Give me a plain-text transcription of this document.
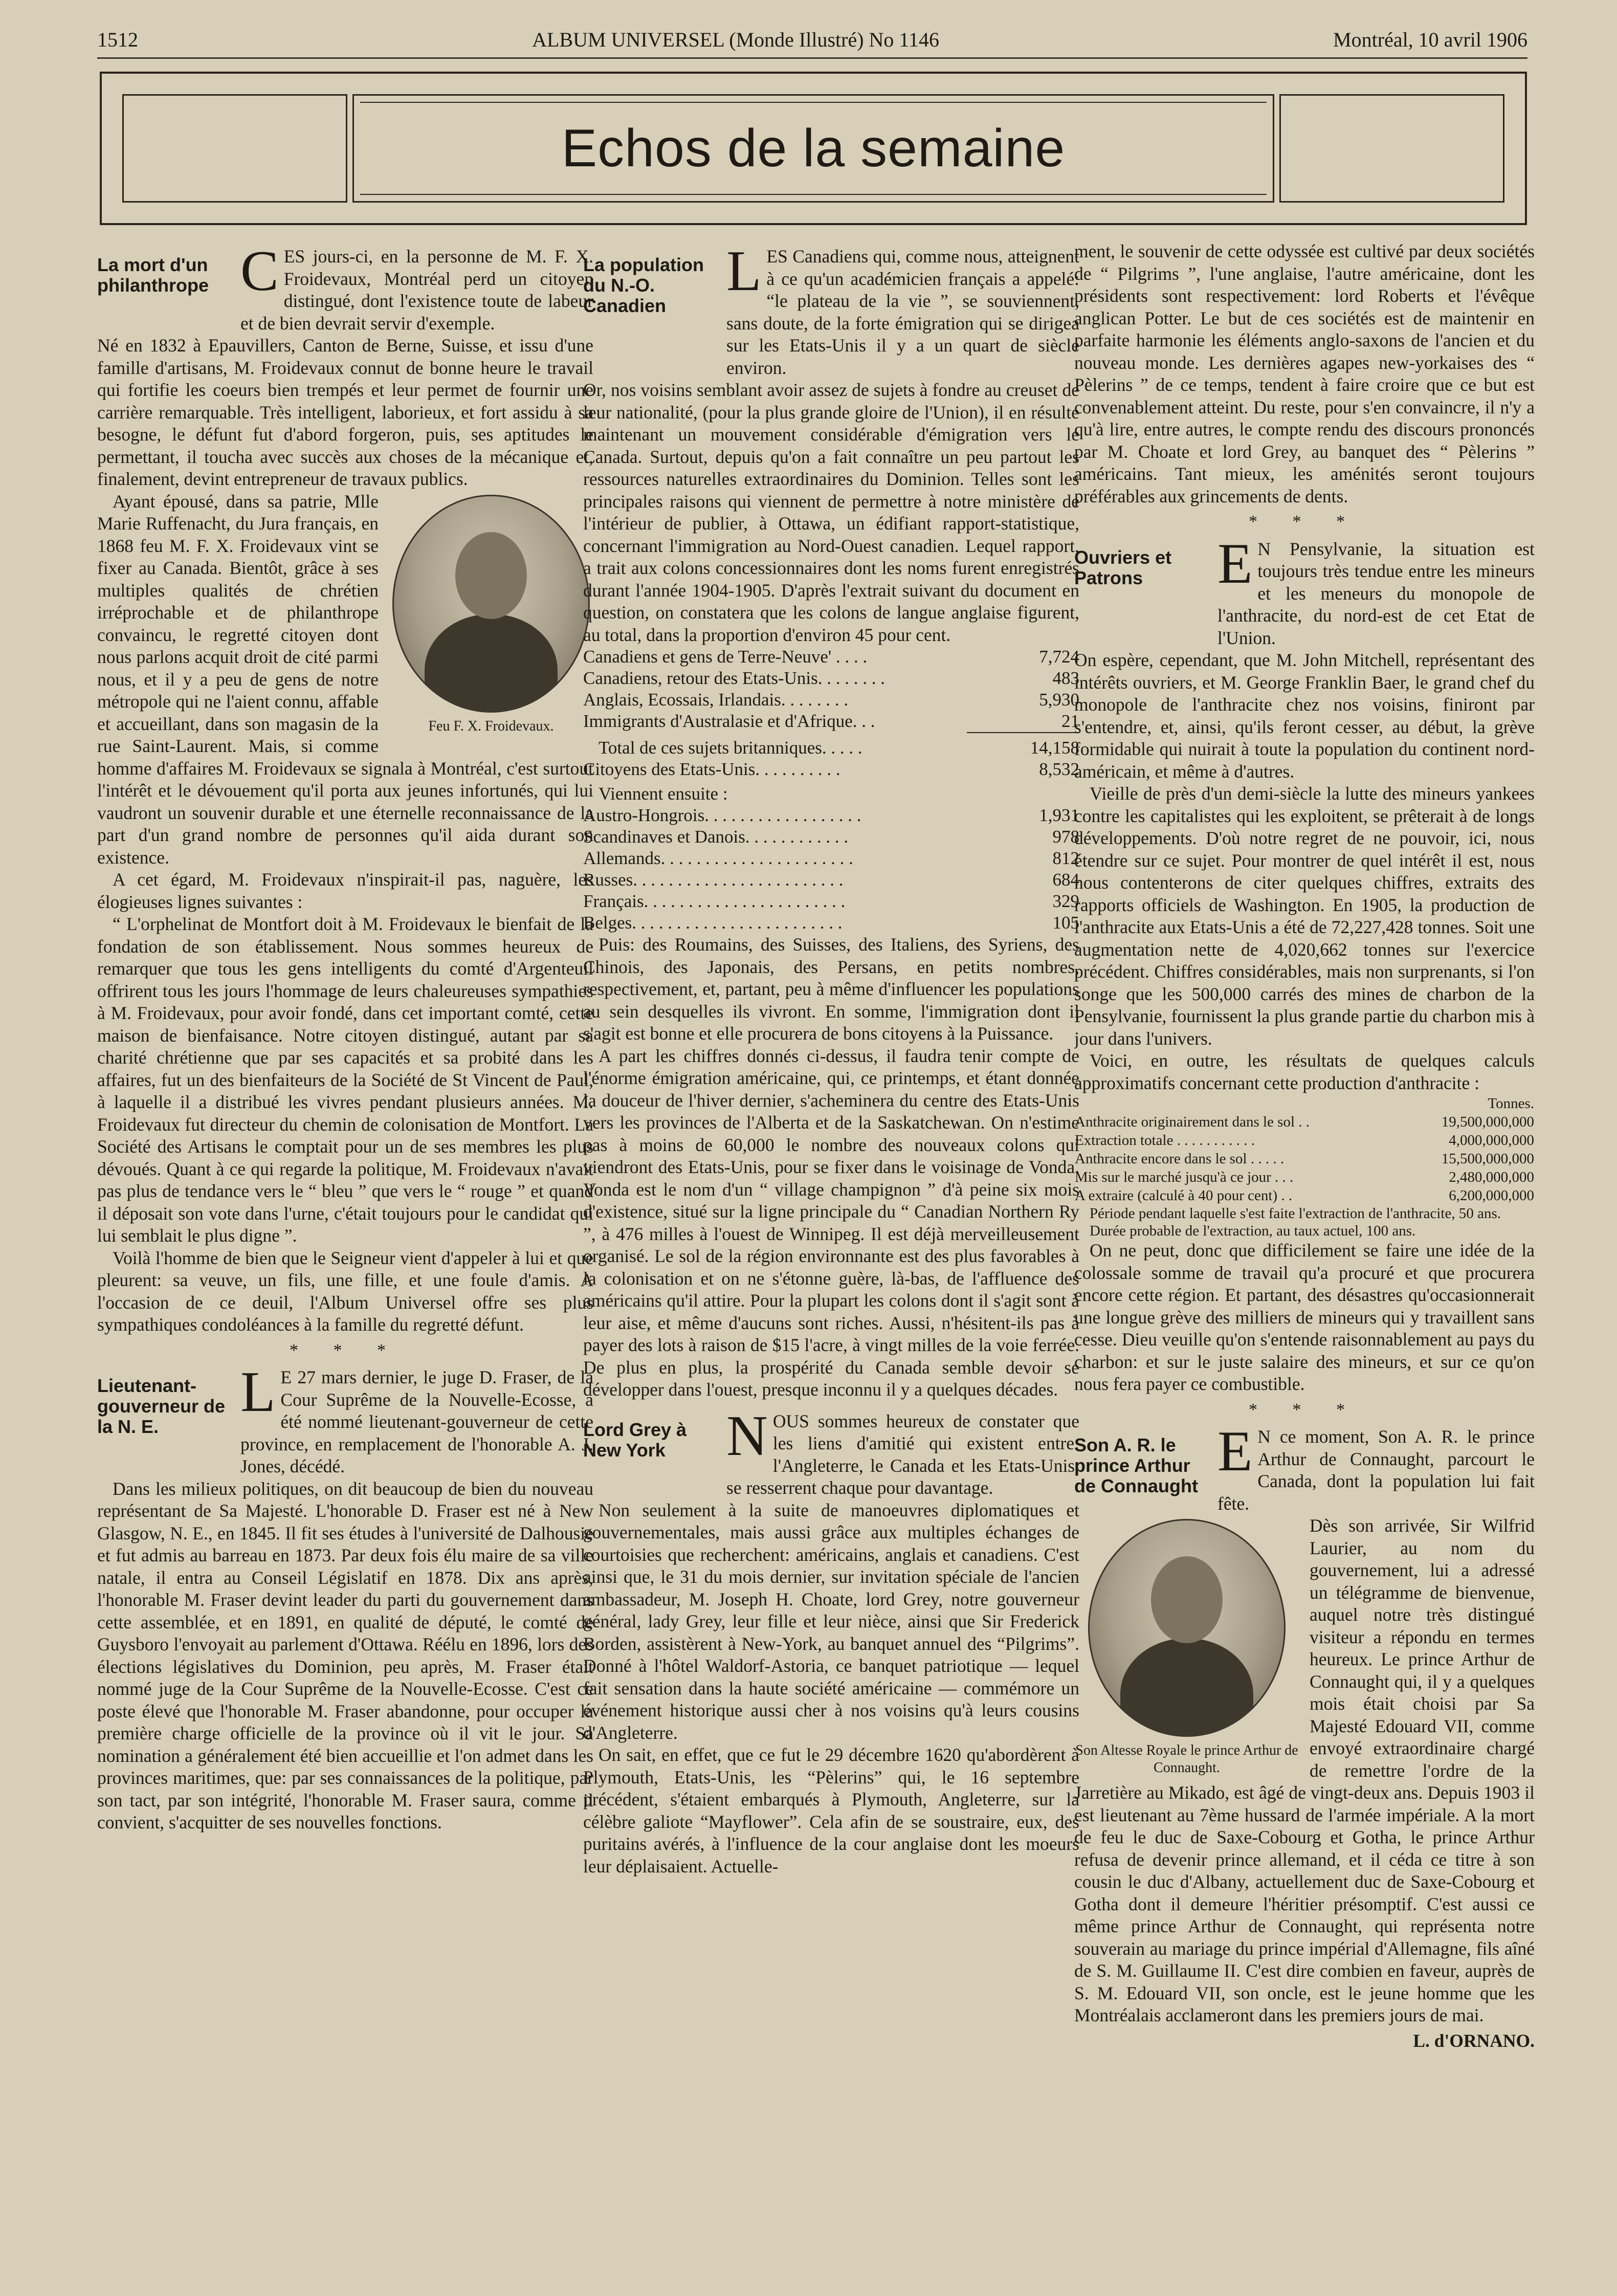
1512	ALBUM UNIVERSEL (Monde Illustré) No 1146	Montréal, 10 avril 1906
Echos de la semaine
La mort d'un philanthrope C ES jours-ci, en la personne de M. F. X. Froidevaux, Montréal perd un citoyen distingué, dont l'existence toute de labeur et de bien devrait servir d'exemple.

Né en 1832 à Epauvillers, Canton de Berne, Suisse, et issu d'une famille d'artisans, M. Froidevaux connut de bonne heure le travail qui fortifie les coeurs bien trempés et leur permet de fournir une carrière remarquable. Très intelligent, laborieux, et fort assidu à sa besogne, le défunt fut d'abord forgeron, puis, ses aptitudes le permettant, il toucha avec succès aux choses de la mécanique et, finalement, devint entrepreneur de travaux publics.

Feu F. X. Froidevaux.

Ayant épousé, dans sa patrie, Mlle Marie Ruffenacht, du Jura français, en 1868 feu M. F. X. Froidevaux vint se fixer au Canada. Bientôt, grâce à ses multiples qualités de chrétien irréprochable et de philanthrope convaincu, le regretté citoyen dont nous parlons acquit droit de cité parmi nous, et il y a peu de gens de notre métropole qui ne l'aient connu, affable et accueillant, dans son magasin de la rue Saint-Laurent. Mais, si comme homme d'affaires M. Froidevaux se signala à Montréal, c'est surtout l'intérêt et le dévouement qu'il porta aux jeunes infortunés, qui lui vaudront un souvenir durable et une éternelle reconnaissance de la part d'un grand nombre de personnes qu'il aida durant son existence.

A cet égard, M. Froidevaux n'inspirait-il pas, naguère, les élogieuses lignes suivantes :

“ L'orphelinat de Montfort doit à M. Froidevaux le bienfait de la fondation de son établissement. Nous sommes heureux de remarquer que tous les gens intelligents du comté d'Argenteuil offrirent tous les jours l'hommage de leurs chaleureuses sympathies à M. Froidevaux, pour avoir fondé, dans cet important comté, cette maison de bienfaisance. Notre citoyen distingué, autant par sa charité chrétienne que par ses capacités et sa probité dans les affaires, fut un des bienfaiteurs de la Société de St Vincent de Paul, à laquelle il a distribué les vivres pendant plusieurs années. M. Froidevaux fut directeur du chemin de colonisation de Montfort. La Société des Artisans le comptait pour un de ses membres les plus dévoués. Quant à ce qui regarde la politique, M. Froidevaux n'avait pas plus de tendance vers le “ bleu ” que vers le “ rouge ” et quand il déposait son vote dans l'urne, c'était toujours pour le candidat qui lui semblait le plus digne ”.

Voilà l'homme de bien que le Seigneur vient d'appeler à lui et que pleurent: sa veuve, un fils, une fille, et une foule d'amis. A l'occasion de ce deuil, l'Album Universel offre ses plus sympathiques condoléances à la famille du regretté défunt.

* * *
Lieutenant-gouverneur de la N. E.
L E 27 mars dernier, le juge D. Fraser, de la Cour Suprême de la Nouvelle-Ecosse, a été nommé lieutenant-gouverneur de cette province, en remplacement de l'honorable A. J. Jones, décédé.

Dans les milieux politiques, on dit beaucoup de bien du nouveau représentant de Sa Majesté. L'honorable D. Fraser est né à New Glasgow, N. E., en 1845. Il fit ses études à l'université de Dalhousie et fut admis au barreau en 1873. Par deux fois élu maire de sa ville natale, il entra au Conseil Législatif en 1878. Dix ans après, l'honorable M. Fraser devint leader du parti du gouvernement dans cette assemblée, et en 1891, en qualité de député, le comté de Guysboro l'envoyait au parlement d'Ottawa. Réélu en 1896, lors des élections législatives du Dominion, peu après, M. Fraser était nommé juge de la Cour Suprême de la Nouvelle-Ecosse. C'est ce poste élevé que l'honorable M. Fraser abandonne, pour occuper la première charge officielle de la province où il vit le jour. Sa nomination a généralement été bien accueillie et l'on admet dans les provinces maritimes, que: par ses connaissances de la politique, par son tact, par son intégrité, l'honorable M. Fraser saura, comme il convient, s'acquitter de ses nouvelles fonctions.

La population du N.-O. Canadien
L ES Canadiens qui, comme nous, atteignent à ce qu'un académicien français a appelé: “le plateau de la vie ”, se souviennent, sans doute, de la forte émigration qui se dirigea sur les Etats-Unis il y a un quart de siècle environ.

Or, nos voisins semblant avoir assez de sujets à fondre au creuset de leur nationalité, (pour la plus grande gloire de l'Union), il en résulte maintenant un mouvement considérable d'émigration vers le Canada. Surtout, depuis qu'on a fait connaître un peu partout les ressources naturelles extraordinaires du Dominion. Telles sont les principales raisons qui viennent de permettre à notre ministère de l'intérieur de publier, à Ottawa, un édifiant rapport-statistique, concernant l'immigration au Nord-Ouest canadien. Lequel rapport, a trait aux colons concessionnaires dont les noms furent enregistrés durant l'année 1904-1905. D'après l'extrait suivant du document en question, on constatera que les colons de langue anglaise figurent, au total, dans la proportion d'environ 45 pour cent.

Canadiens et gens de Terre-Neuve' . . . .	7,724
Canadiens, retour des Etats-Unis. . . . . . . .	483
Anglais, Ecossais, Irlandais. . . . . . . .	5,930
Immigrants d'Australasie et d'Afrique. . .	21

Total de ces sujets britanniques. . . . .	14,158
Citoyens des Etats-Unis. . . . . . . . . .	8,532
Viennent ensuite :	
Austro-Hongrois. . . . . . . . . . . . . . . . . .	1,931
Scandinaves et Danois. . . . . . . . . . . .	978
Allemands. . . . . . . . . . . . . . . . . . . . . .	812
Russes. . . . . . . . . . . . . . . . . . . . . . . .	684
Français. . . . . . . . . . . . . . . . . . . . . . .	329
Belges. . . . . . . . . . . . . . . . . . . . . . . .	105

Puis: des Roumains, des Suisses, des Italiens, des Syriens, des Chinois, des Japonais, des Persans, en petits nombres, respectivement, et, partant, peu à même d'influencer les populations au sein desquelles ils vivront. En somme, l'immigration dont il s'agit est bonne et elle procurera de bons citoyens à la Puissance.

A part les chiffres donnés ci-dessus, il faudra tenir compte de l'énorme émigration américaine, qui, ce printemps, et étant donnée la douceur de l'hiver dernier, s'acheminera du centre des Etats-Unis vers les provinces de l'Alberta et de la Saskatchewan. On n'estime pas à moins de 60,000 le nombre des nouveaux colons qui viendront des Etats-Unis, pour se fixer dans le voisinage de Vonda. Vonda est le nom d'un “ village champignon ” d'à peine six mois d'existence, situé sur la ligne principale du “ Canadian Northern Ry ”, à 476 milles à l'ouest de Winnipeg. Il est déjà merveilleusement organisé. Le sol de la région environnante est des plus favorables à la colonisation et on ne s'étonne guère, là-bas, de l'affluence des américains qu'il attire. Pour la plupart les colons dont il s'agit sont à leur aise, et même d'aucuns sont riches. Aussi, n'hésitent-ils pas à payer des lots à raison de $15 l'acre, à vingt milles de la voie ferrée. De plus en plus, la prospérité du Canada semble devoir se développer dans l'ouest, presque inconnu il y a quelques décades.

Lord Grey à New York	N OUS sommes heureux de constater que les liens d'amitié qui existent entre: l'Angleterre, le Canada et les Etats-Unis, se resserrent chaque pour davantage.

Non seulement à la suite de manoeuvres diplomatiques et gouvernementales, mais aussi grâce aux multiples échanges de courtoisies que recherchent: américains, anglais et canadiens. C'est ainsi que, le 31 du mois dernier, sur invitation spéciale de l'ancien ambassadeur, M. Joseph H. Choate, lord Grey, notre gouverneur général, lady Grey, leur fille et leur nièce, ainsi que Sir Frederick Borden, assistèrent à New-York, au banquet annuel des “Pilgrims”. Donné à l'hôtel Waldorf-Astoria, ce banquet patriotique — lequel fait sensation dans la haute société américaine — commémore un événement historique aussi cher à nos voisins qu'à leurs cousins d'Angleterre.

On sait, en effet, que ce fut le 29 décembre 1620 qu'abordèrent à Plymouth, Etats-Unis, les “Pèlerins” qui, le 16 septembre précédent, s'étaient embarqués à Plymouth, Angleterre, sur la célèbre galiote “Mayflower”. Cela afin de se soustraire, eux, des puritains avérés, à l'influence de la cour anglaise dont les moeurs leur déplaisaient. Actuelle-

ment, le souvenir de cette odyssée est cultivé par deux sociétés de “ Pilgrims ”, l'une anglaise, l'autre américaine, dont les présidents sont respectivement: lord Roberts et l'évêque anglican Potter. Le but de ces sociétés est de maintenir en parfaite harmonie les éléments anglo-saxons de l'ancien et du nouveau monde. Les dernières agapes new-yorkaises des “ Pèlerins ” de ce temps, tendent à faire croire que ce but est convenablement atteint. Du reste, pour s'en convaincre, il n'y a qu'à lire, entre autres, le compte rendu des discours prononcés par M. Choate et lord Grey, au banquet des “ Pèlerins ” américains. Tant mieux, les aménités seront toujours préférables aux grincements de dents.

* * *
Ouvriers et Patrons	E N Pensylvanie, la situation est toujours très tendue entre les mineurs et les meneurs du monopole de l'anthracite, du nord-est de cet Etat de l'Union.

On espère, cependant, que M. John Mitchell, représentant des intérêts ouvriers, et M. George Franklin Baer, le grand chef du monopole de l'anthracite chez nos voisins, finiront par s'entendre, et, ainsi, qu'ils feront cesser, au début, la grève formidable qui nuirait à toute la population du continent nord-américain, et même à d'autres.

Vieille de près d'un demi-siècle la lutte des mineurs yankees contre les capitalistes qui les exploitent, se prêterait à de longs développements. D'où notre regret de ne pouvoir, ici, nous étendre sur ce sujet. Pour montrer de quel intérêt il est, nous nous contenterons de citer quelques chiffres, extraits des rapports officiels de Washington. En 1905, la production de l'anthracite aux Etats-Unis a été de 72,227,428 tonnes. Soit une augmentation nette de 4,020,662 tonnes sur l'exercice précédent. Chiffres considérables, mais non surprenants, si l'on songe que les 500,000 carrés des mines de charbon de la Pensylvanie, fournissent la plus grande partie du charbon mis à jour dans l'univers.

Voici, en outre, les résultats de quelques calculs approximatifs concernant cette production d'anthracite :

	Tonnes.
Anthracite originairement dans le sol . .	19,500,000,000
Extraction totale . . . . . . . . . . .	4,000,000,000
Anthracite encore dans le sol . . . . .	15,500,000,000
Mis sur le marché jusqu'à ce jour . . .	2,480,000,000
A extraire (calculé à 40 pour cent) . .	6,200,000,000

Période pendant laquelle s'est faite l'extraction de l'anthracite, 50 ans.

Durée probable de l'extraction, au taux actuel, 100 ans.

On ne peut, donc que difficilement se faire une idée de la colossale somme de travail qu'a procuré et que procurera encore cette région. Et partant, des désastres qu'occasionnerait une longue grève des milliers de mineurs qui y travaillent sans cesse. Dieu veuille qu'on s'entende raisonnablement au pays du charbon: et sur le juste salaire des mineurs, et sur ce qu'on nous fera payer ce combustible.

* * *
Son A. R. le prince Arthur de Connaught
E N ce moment, Son A. R. le prince Arthur de Connaught, parcourt le Canada, dont la population lui fait fête.
Son Altesse Royale le prince Arthur de Connaught.

Dès son arrivée, Sir Wilfrid Laurier, au nom du gouvernement, lui a adressé un télégramme de bienvenue, auquel notre très distingué visiteur a répondu en termes heureux. Le prince Arthur de Connaught qui, il y a quelques mois était choisi par Sa Majesté Edouard VII, comme envoyé extraordinaire chargé de remettre l'ordre de la Jarretière au Mikado, est âgé de vingt-deux ans. Depuis 1903 il est lieutenant au 7ème hussard de l'armée impériale. A la mort de feu le duc de Saxe-Cobourg et Gotha, le prince Arthur refusa de devenir prince allemand, et il céda ce titre à son cousin le duc d'Albany, actuellement duc de Saxe-Cobourg et Gotha dont il demeure l'héritier présomptif. C'est aussi ce même prince Arthur de Connaught, qui représenta notre souverain au mariage du prince impérial d'Allemagne, fils aîné de S. M. Guillaume II. C'est dire combien en faveur, auprès de S. M. Edouard VII, son oncle, est le jeune homme que les Montréalais acclameront dans les premiers jours de mai.

L. d'ORNANO.
